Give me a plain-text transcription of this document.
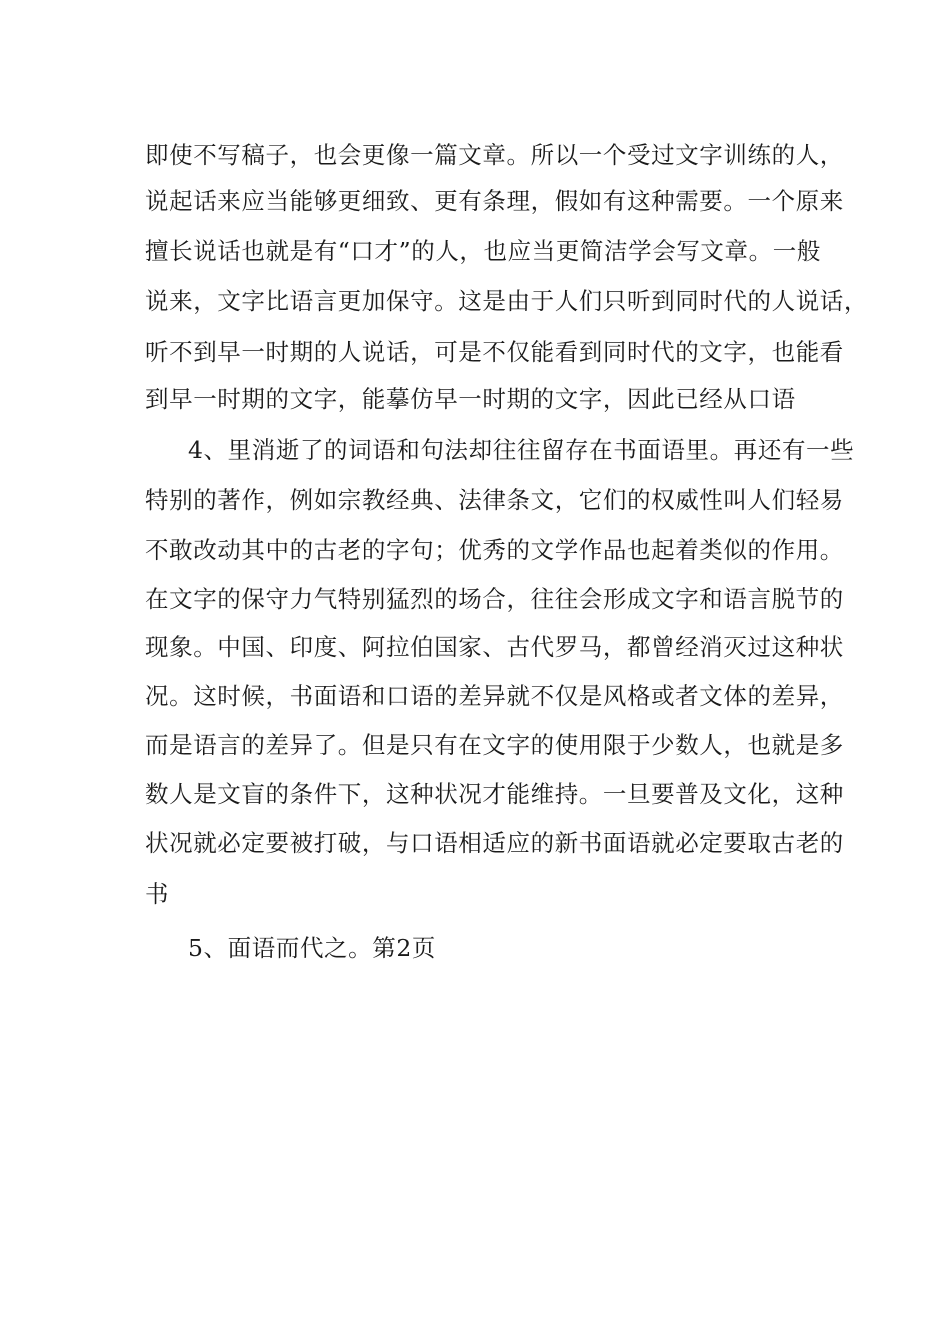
即使不写稿子，也会更像一篇文章。所以一个受过文字训练的人，
说起话来应当能够更细致、更有条理，假如有这种需要。一个原来
擅长说话也就是有“口才”的人，也应当更简洁学会写文章。一般
说来，文字比语言更加保守。这是由于人们只听到同时代的人说话，
听不到早一时期的人说话，可是不仅能看到同时代的文字，也能看
到早一时期的文字，能摹仿早一时期的文字，因此已经从口语
4、里消逝了的词语和句法却往往留存在书面语里。再还有一些
特别的著作，例如宗教经典、法律条文，它们的权威性叫人们轻易
不敢改动其中的古老的字句；优秀的文学作品也起着类似的作用。
在文字的保守力气特别猛烈的场合，往往会形成文字和语言脱节的
现象。中国、印度、阿拉伯国家、古代罗马，都曾经消灭过这种状
况。这时候，书面语和口语的差异就不仅是风格或者文体的差异，
而是语言的差异了。但是只有在文字的使用限于少数人，也就是多
数人是文盲的条件下，这种状况才能维持。一旦要普及文化，这种
状况就必定要被打破，与口语相适应的新书面语就必定要取古老的
书
5、面语而代之。第2页
